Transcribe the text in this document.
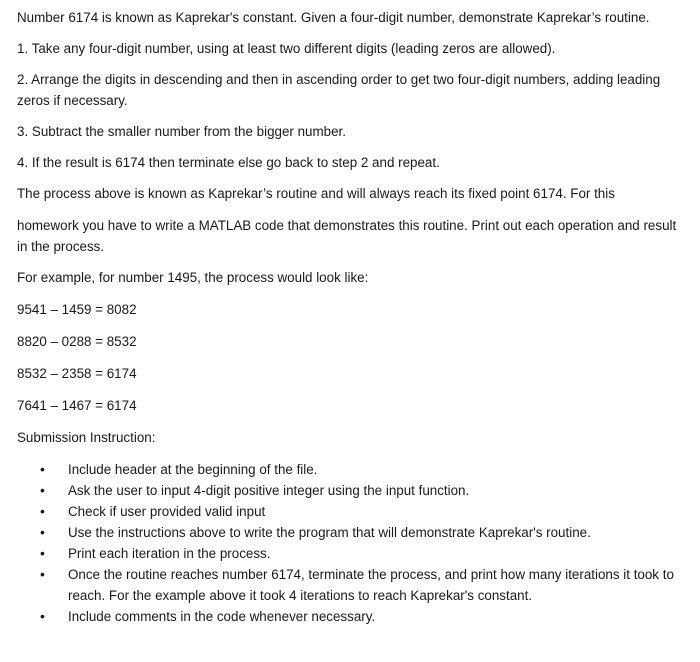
Number 6174 is known as Kaprekar's constant. Given a four-digit number, demonstrate Kaprekar’s routine.

1. Take any four-digit number, using at least two different digits (leading zeros are allowed).

2. Arrange the digits in descending and then in ascending order to get two four-digit numbers, adding leading zeros if necessary.

3. Subtract the smaller number from the bigger number.

4. If the result is 6174 then terminate else go back to step 2 and repeat.

The process above is known as Kaprekar’s routine and will always reach its fixed point 6174. For this

homework you have to write a MATLAB code that demonstrates this routine. Print out each operation and result in the process.

For example, for number 1495, the process would look like:

9541 – 1459 = 8082

8820 – 0288 = 8532

8532 – 2358 = 6174

7641 – 1467 = 6174

Submission Instruction:

• Include header at the beginning of the file.
• Ask the user to input 4-digit positive integer using the input function.
• Check if user provided valid input
• Use the instructions above to write the program that will demonstrate Kaprekar's routine.
• Print each iteration in the process.
• Once the routine reaches number 6174, terminate the process, and print how many iterations it took to reach. For the example above it took 4 iterations to reach Kaprekar's constant.
• Include comments in the code whenever necessary.
